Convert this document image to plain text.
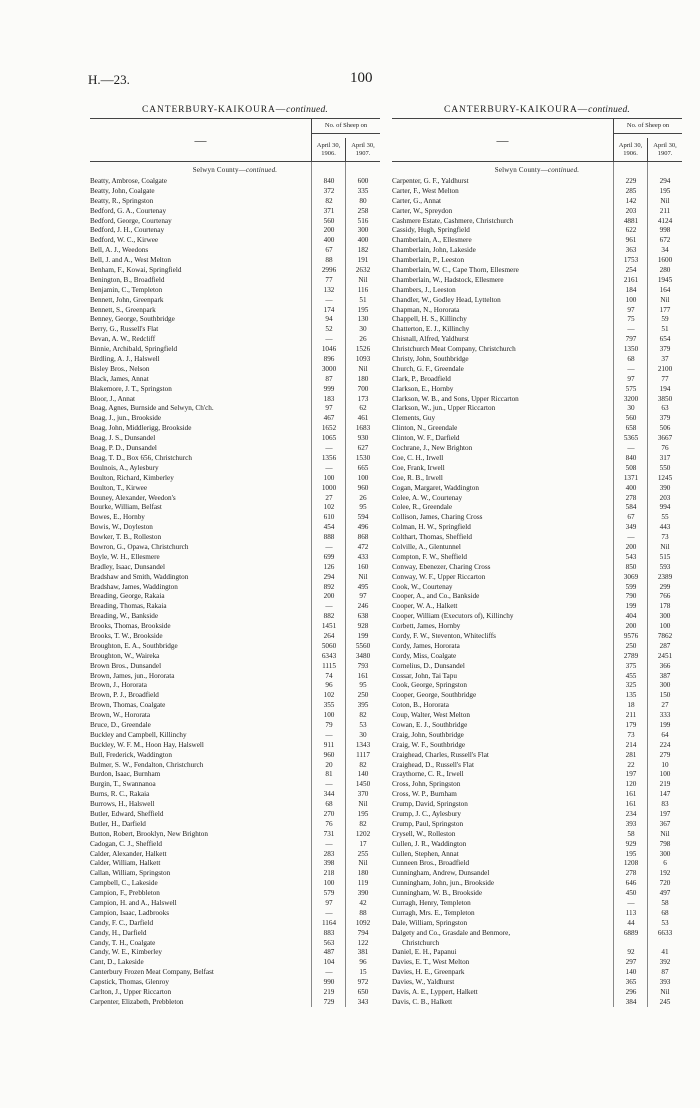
H.—23.	100
CANTERBURY-KAIKOURA—continued.
—
No. of Sheep on
April 30,
1906.
April 30,
1907.
Selwyn County—continued.
Beatty, Ambrose, Coalgate	840	600
Beatty, John, Coalgate	372	335
Beatty, R., Springston	82	80
Bedford, G. A., Courtenay	371	258
Bedford, George, Courtenay	560	516
Bedford, J. H., Courtenay	200	300
Bedford, W. C., Kirwee	400	400
Bell, A. J., Weedons	67	182
Bell, J. and A., West Melton	88	191
Benham, F., Kowai, Springfield	2996	2632
Benington, B., Broadfield	77	Nil
Benjamin, C., Templeton	132	116
Bennett, John, Greenpark	—	51
Bennett, S., Greenpark	174	195
Benney, George, Southbridge	94	130
Berry, G., Russell's Flat	52	30
Bevan, A. W., Redcliff	—	26
Binnie, Archibald, Springfield	1046	1526
Birdling, A. J., Halswell	896	1093
Bisley Bros., Nelson	3000	Nil
Black, James, Annat	87	180
Blakemore, J. T., Springston	999	700
Bloor, J., Annat	183	173
Boag, Agnes, Burnside and Selwyn, Ch'ch.	97	62
Boag, J., jun., Brookside	467	461
Boag, John, Middlerigg, Brookside	1652	1683
Boag, J. S., Dunsandel	1065	930
Boag, P. D., Dunsandel	—	627
Boag, T. D., Box 656, Christchurch	1356	1530
Boulnois, A., Aylesbury	—	665
Boulton, Richard, Kimberley	100	100
Boulton, T., Kirwee	1000	960
Bouney, Alexander, Weedon's	27	26
Bourke, William, Belfast	102	95
Bowes, E., Hornby	610	594
Bowis, W., Doyleston	454	496
Bowker, T. B., Rolleston	888	868
Bowron, G., Opawa, Christchurch	—	472
Boyle, W. H., Ellesmere	699	433
Bradley, Isaac, Dunsandel	126	160
Bradshaw and Smith, Waddington	294	Nil
Bradshaw, James, Waddington	892	495
Breading, George, Rakaia	200	97
Breading, Thomas, Rakaia	—	246
Breading, W., Bankside	882	638
Brooks, Thomas, Brookside	1451	928
Brooks, T. W., Brookside	264	199
Broughton, E. A., Southbridge	5060	5560
Broughton, W., Waireka	6343	3480
Brown Bros., Dunsandel	1115	793
Brown, James, jun., Hororata	74	161
Brown, J., Hororata	96	95
Brown, P. J., Broadfield	102	250
Brown, Thomas, Coalgate	355	395
Brown, W., Hororata	100	82
Bruce, D., Greendale	79	53
Buckley and Campbell, Killinchy	—	30
Buckley, W. F. M., Hoon Hay, Halswell	911	1343
Bull, Frederick, Waddington	960	1117
Bulmer, S. W., Fendalton, Christchurch	20	82
Burdon, Isaac, Burnham	81	140
Burgin, T., Swannanoa	—	1450
Burns, R. C., Rakaia	344	370
Burrows, H., Halswell	68	Nil
Butler, Edward, Sheffield	270	195
Butler, H., Darfield	76	82
Button, Robert, Brooklyn, New Brighton	731	1202
Cadogan, C. J., Sheffield	—	17
Calder, Alexander, Halkett	283	255
Calder, William, Halkett	398	Nil
Callan, William, Springston	218	180
Campbell, C., Lakeside	100	119
Campion, F., Prebbleton	579	390
Campion, H. and A., Halswell	97	42
Campion, Isaac, Ladbrooks	—	88
Candy, F. C., Darfield	1164	1092
Candy, H., Darfield	883	794
Candy, T. H., Coalgate	563	122
Candy, W. E., Kimberley	487	381
Cant, D., Lakeside	104	96
Canterbury Frozen Meat Company, Belfast	—	15
Capstick, Thomas, Glenroy	990	972
Carlton, J., Upper Riccarton	219	650
Carpenter, Elizabeth, Prebbleton	729	343
CANTERBURY-KAIKOURA—continued.
—
No. of Sheep on
April 30,
1906.
April 30,
1907.
Selwyn County—continued.
Carpenter, G. F., Yaldhurst	229	294
Carter, F., West Melton	285	195
Carter, G., Annat	142	Nil
Carter, W., Spreydon	203	211
Cashmere Estate, Cashmere, Christchurch	4881	4124
Cassidy, Hugh, Springfield	622	998
Chamberlain, A., Ellesmere	961	672
Chamberlain, John, Lakeside	363	34
Chamberlain, P., Leeston	1753	1600
Chamberlain, W. C., Cape Thorn, Ellesmere	254	280
Chamberlain, W., Hadstock, Ellesmere	2161	1945
Chambers, J., Leeston	184	164
Chandler, W., Godley Head, Lyttelton	100	Nil
Chapman, N., Hororata	97	177
Chappell, H. S., Killinchy	75	59
Chatterton, E. J., Killinchy	—	51
Chisnall, Alfred, Yaldhurst	797	654
Christchurch Meat Company, Christchurch	1350	379
Christy, John, Southbridge	68	37
Church, G. F., Greendale	—	2100
Clark, P., Broadfield	97	77
Clarkson, E., Hornby	575	194
Clarkson, W. B., and Sons, Upper Riccarton	3200	3850
Clarkson, W., jun., Upper Riccarton	30	63
Clements, Guy	560	379
Clinton, N., Greendale	658	506
Clinton, W. F., Darfield	5365	3667
Cochrane, J., New Brighton	—	76
Coe, C. H., Irwell	840	317
Coe, Frank, Irwell	508	550
Coe, R. B., Irwell	1371	1245
Cogan, Margaret, Waddington	400	390
Colee, A. W., Courtenay	278	203
Colee, R., Greendale	584	994
Collison, James, Charing Cross	67	55
Colman, H. W., Springfield	349	443
Colthart, Thomas, Sheffield	—	73
Colville, A., Glentunnel	200	Nil
Compton, F. W., Sheffield	543	515
Conway, Ebenezer, Charing Cross	850	593
Conway, W. F., Upper Riccarton	3069	2389
Cook, W., Courtenay	599	299
Cooper, A., and Co., Bankside	790	766
Cooper, W. A., Halkett	199	178
Cooper, William (Executors of), Killinchy	404	300
Corbett, James, Hornby	200	100
Cordy, F. W., Steventon, Whitecliffs	9576	7862
Cordy, James, Hororata	250	287
Cordy, Miss, Coalgate	2789	2451
Cornelius, D., Dunsandel	375	366
Cossar, John, Tai Tapu	455	387
Cook, George, Springston	325	300
Cooper, George, Southbridge	135	150
Coton, B., Hororata	18	27
Coup, Walter, West Melton	211	333
Cowan, E. J., Southbridge	179	199
Craig, John, Southbridge	73	64
Craig, W. F., Southbridge	214	224
Craighead, Charles, Russell's Flat	281	279
Craighead, D., Russell's Flat	22	10
Craythorne, C. R., Irwell	197	100
Cross, John, Springston	120	219
Cross, W. P., Burnham	161	147
Crump, David, Springston	161	83
Crump, J. C., Aylesbury	234	197
Crump, Paul, Springston	393	367
Crysell, W., Rolleston	58	Nil
Cullen, J. R., Waddington	929	798
Cullen, Stephen, Annat	195	300
Cunneen Bros., Broadfield	1208	6
Cunningham, Andrew, Dunsandel	278	192
Cunningham, John, jun., Brookside	646	720
Cunningham, W. B., Brookside	450	497
Curragh, Henry, Templeton	—	58
Curragh, Mrs. E., Templeton	113	68
Dale, William, Springston	44	53
Dalgety and Co., Grasdale and Benmore,	6889	6633
Christchurch
Daniel, E. H., Papanui	92	41
Davies, E. T., West Melton	297	392
Davies, H. E., Greenpark	140	87
Davies, W., Yaldhurst	365	393
Davis, A. E., Lyppert, Halkett	296	Nil
Davis, C. B., Halkett	384	245
